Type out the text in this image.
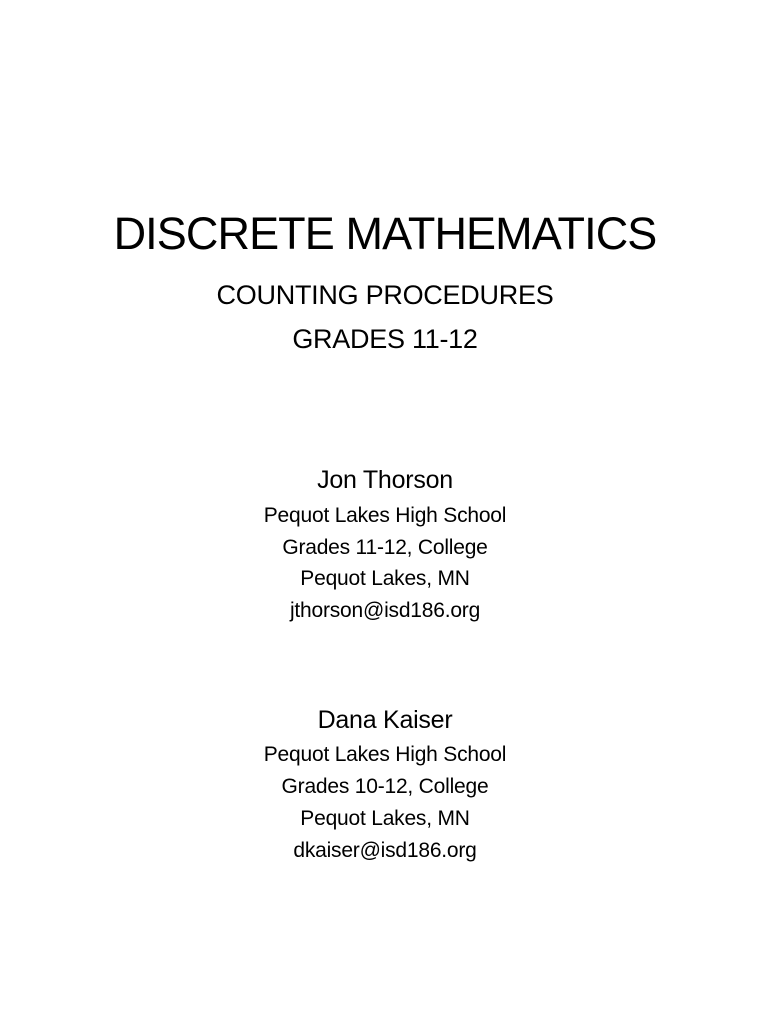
DISCRETE MATHEMATICS
COUNTING PROCEDURES
GRADES 11-12
Jon Thorson
Pequot Lakes High School
Grades 11-12, College
Pequot Lakes, MN
jthorson@isd186.org
Dana Kaiser
Pequot Lakes High School
Grades 10-12, College
Pequot Lakes, MN
dkaiser@isd186.org
